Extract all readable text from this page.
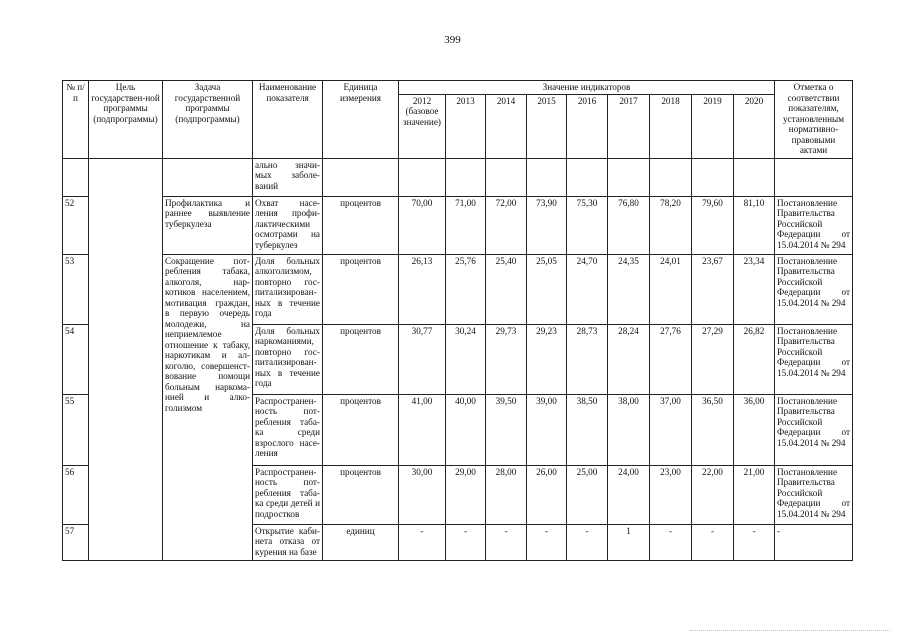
399
№ п/п	Цель государствен-ной программы (подпрограммы)	Задача государственной программы (подпрограммы)	Наименование показателя	Единица измерения	Значение индикаторов									Отметка о соответствии показателям, установленным нормативно-правовыми актами
					2012 (базовое значение)	2013	2014	2015	2016	2017	2018	2019	2020	
			ально значи-мых заболе-ваний											
52		Профилактика и раннее выявление туберкулеза	Охват насе-ления профи-лактическими осмотрами на туберкулез	процентов	70,00	71,00	72,00	73,90	75,30	76,80	78,20	79,60	81,10	Постановление Правительства Российской Федерации от 15.04.2014 № 294
53		Сокращение пот-ребления табака, алкоголя, нар-котиков населением, мотивация граждан, в первую очередь молодежи, на неприемлемое отношение к табаку, наркотикам и ал-коголю, совершенст-вование помощи больным наркома-нией и алко-голизмом	Доля больных алкоголизмом, повторно гос-питализирован-ных в течение года	процентов	26,13	25,76	25,40	25,05	24,70	24,35	24,01	23,67	23,34	Постановление Правительства Российской Федерации от 15.04.2014 № 294
54			Доля больных наркоманиями, повторно гос-питализирован-ных в течение года	процентов	30,77	30,24	29,73	29,23	28,73	28,24	27,76	27,29	26,82	Постановление Правительства Российской Федерации от 15.04.2014 № 294
55			Распространен-ность пот-ребления таба-ка среди взрослого насе-ления	процентов	41,00	40,00	39,50	39,00	38,50	38,00	37,00	36,50	36,00	Постановление Правительства Российской Федерации от 15.04.2014 № 294
56			Распространен-ность пот-ребления таба-ка среди детей и подростков	процентов	30,00	29,00	28,00	26,00	25,00	24,00	23,00	22,00	21,00	Постановление Правительства Российской Федерации от 15.04.2014 № 294
57			Открытие каби-нета отказа от курения на базе	единиц	-	-	-	-	-	1	-	-	-	-
